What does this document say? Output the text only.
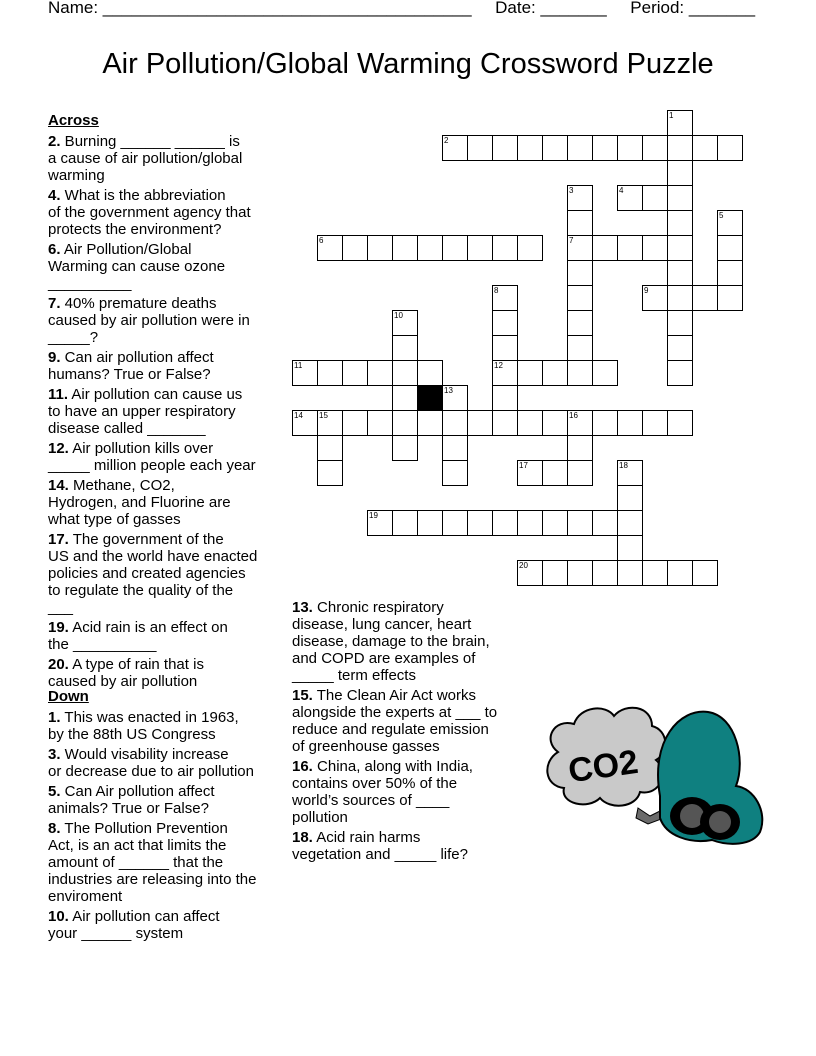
Name: _______________________________________     Date: _______     Period: _______
Air Pollution/Global Warming Crossword Puzzle
Across
2. Burning ______ ______ is
a cause of air pollution/global
warming
4. What is the abbreviation
of the government agency that
protects the environment?
6. Air Pollution/Global
Warming can cause ozone
__________
7. 40% premature deaths
caused by air pollution were in
_____?
9. Can air pollution affect
humans? True or False?
11. Air pollution can cause us
to have an upper respiratory
disease called _______
12. Air pollution kills over
_____ million people each year
14. Methane, CO2,
Hydrogen, and Fluorine are
what type of gasses
17. The government of the
US and the world have enacted
policies and created agencies
to regulate the quality of the
___
19. Acid rain is an effect on
the __________
20. A type of rain that is
caused by air pollution
Down
1. This was enacted in 1963,
by the 88th US Congress
3. Would visability increase
or decrease due to air pollution
5. Can Air pollution affect
animals? True or False?
8. The Pollution Prevention
Act, is an act that limits the
amount of ______ that the
industries are releasing into the
enviroment
10. Air pollution can affect
your ______ system
13. Chronic respiratory
disease, lung cancer, heart
disease, damage to the brain,
and COPD are examples of
_____ term effects
15. The Clean Air Act works
alongside the experts at ___ to
reduce and regulate emission
of greenhouse gasses
16. China, along with India,
contains over 50% of the
world’s sources of ____
pollution
18. Acid rain harms
vegetation and _____ life?
1
2
3	4
5
6	7
8	9
10
11	12
13
14 15	16
17	18
19
20
CO2
